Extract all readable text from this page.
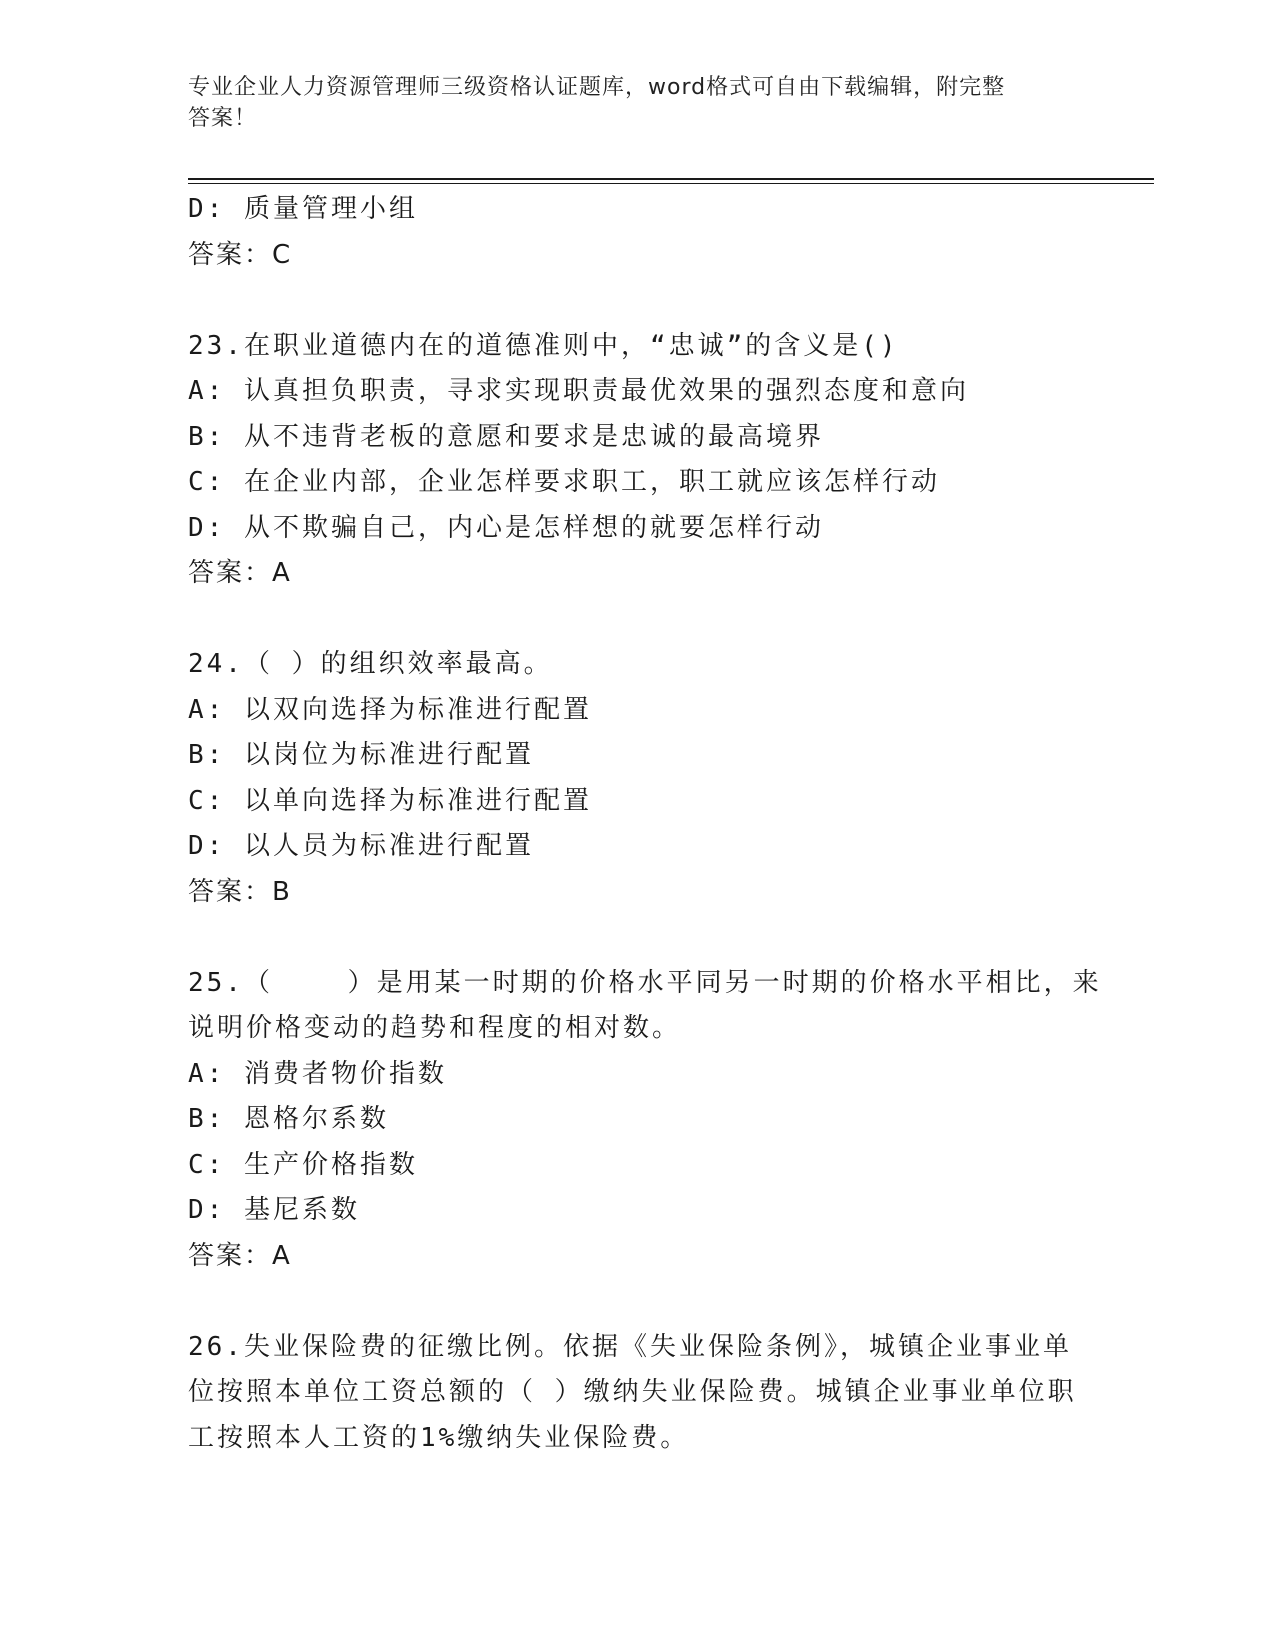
专业企业人力资源管理师三级资格认证题库，word格式可自由下载编辑，附完整
答案！
D: 质量管理小组
答案：C
23.在职业道德内在的道德准则中，“忠诚”的含义是()
A: 认真担负职责，寻求实现职责最优效果的强烈态度和意向
B: 从不违背老板的意愿和要求是忠诚的最高境界
C: 在企业内部，企业怎样要求职工，职工就应该怎样行动
D: 从不欺骗自己，内心是怎样想的就要怎样行动
答案：A
24.（ ）的组织效率最高。
A: 以双向选择为标准进行配置
B: 以岗位为标准进行配置
C: 以单向选择为标准进行配置
D: 以人员为标准进行配置
答案：B
25.（    ）是用某一时期的价格水平同另一时期的价格水平相比，来
说明价格变动的趋势和程度的相对数。
A: 消费者物价指数
B: 恩格尔系数
C: 生产价格指数
D: 基尼系数
答案：A
26.失业保险费的征缴比例。依据《失业保险条例》，城镇企业事业单
位按照本单位工资总额的（ ）缴纳失业保险费。城镇企业事业单位职
工按照本人工资的1%缴纳失业保险费。
